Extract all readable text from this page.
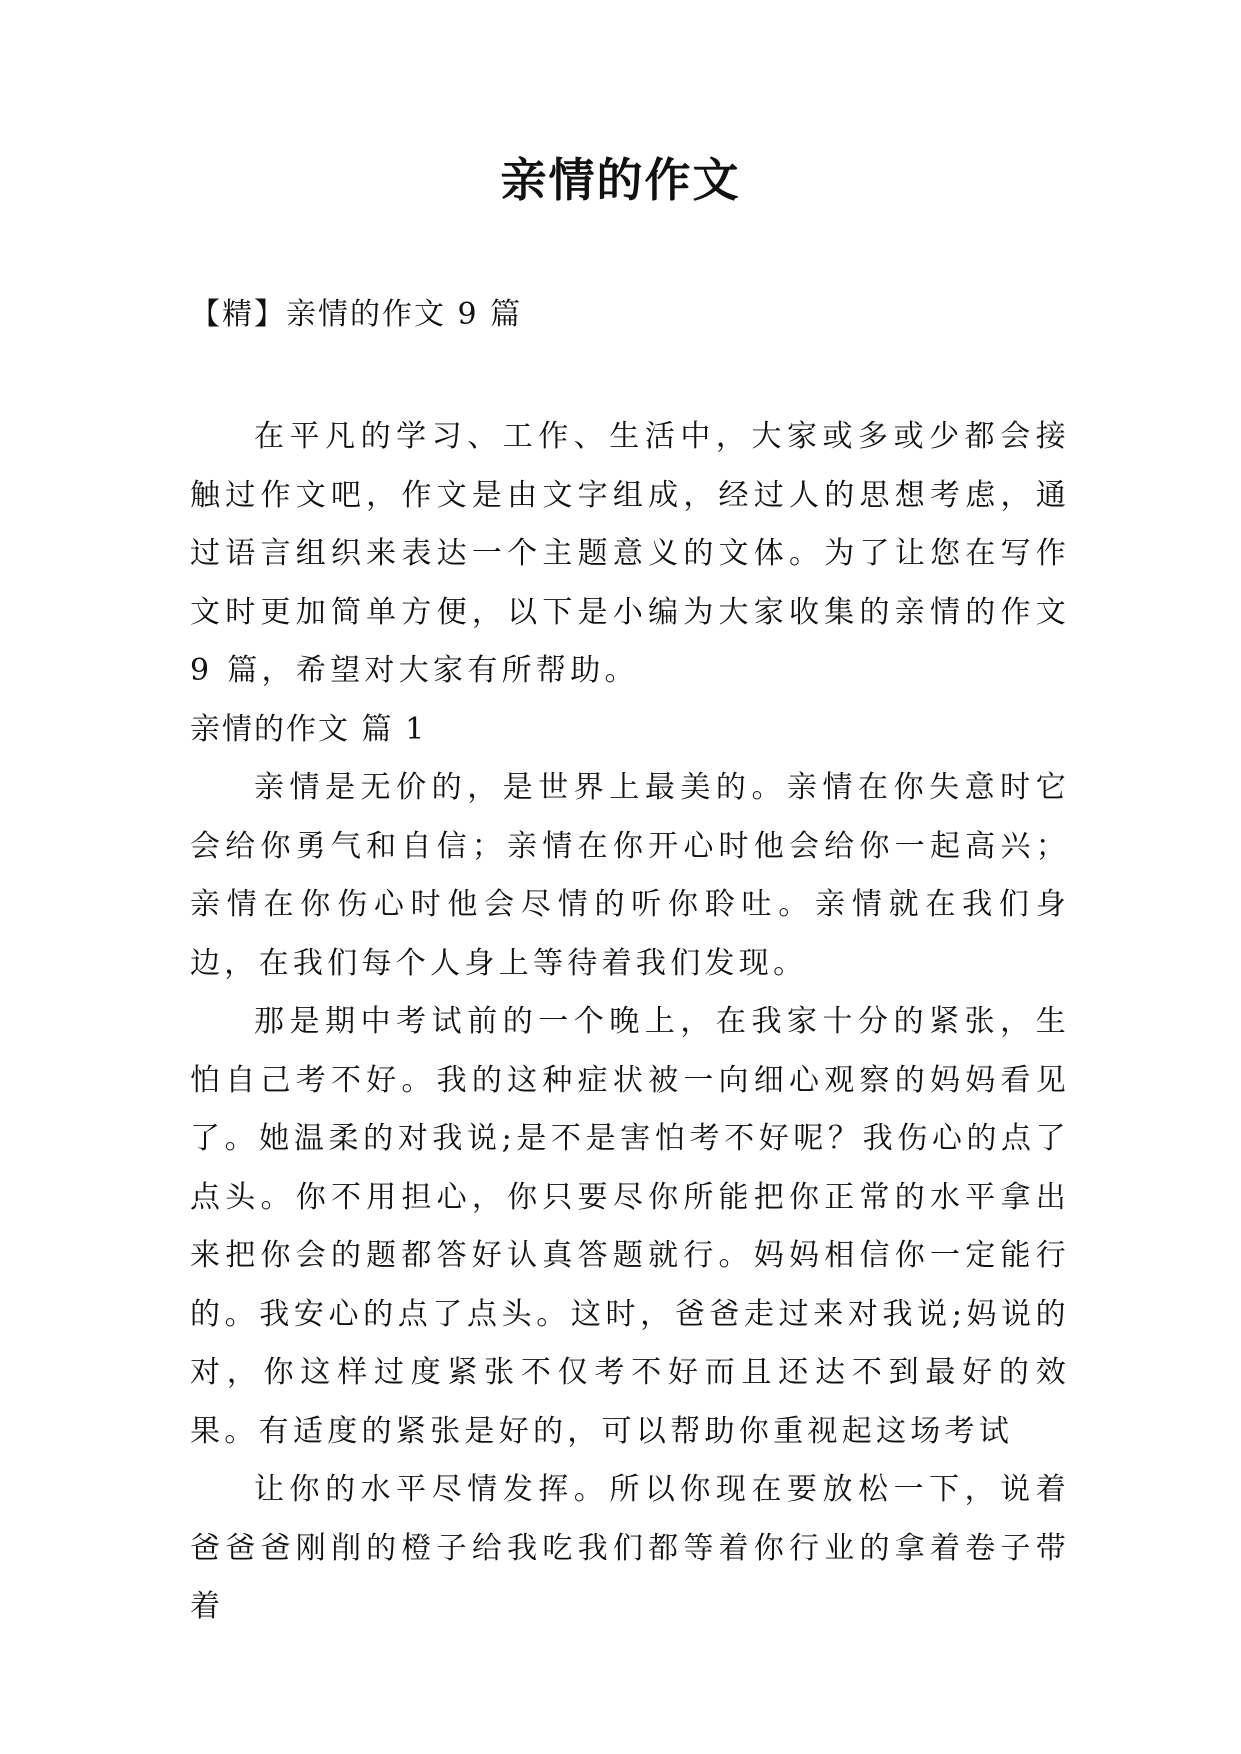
亲情的作文
【精】亲情的作文 9 篇

在平凡的学习、工作、生活中，大家或多或少都会接触过作文吧，作文是由文字组成，经过人的思想考虑，通过语言组织来表达一个主题意义的文体。为了让您在写作文时更加简单方便，以下是小编为大家收集的亲情的作文 9 篇，希望对大家有所帮助。

亲情的作文 篇 1

亲情是无价的，是世界上最美的。亲情在你失意时它会给你勇气和自信；亲情在你开心时他会给你一起高兴；亲情在你伤心时他会尽情的听你聆吐。亲情就在我们身边，在我们每个人身上等待着我们发现。

那是期中考试前的一个晚上，在我家十分的紧张，生怕自己考不好。我的这种症状被一向细心观察的妈妈看见了。她温柔的对我说;是不是害怕考不好呢？我伤心的点了点头。你不用担心，你只要尽你所能把你正常的水平拿出来把你会的题都答好认真答题就行。妈妈相信你一定能行的。我安心的点了点头。这时，爸爸走过来对我说;妈说的对，你这样过度紧张不仅考不好而且还达不到最好的效果。有适度的紧张是好的，可以帮助你重视起这场考试

让你的水平尽情发挥。所以你现在要放松一下，说着爸爸爸刚削的橙子给我吃我们都等着你行业的拿着卷子带着
